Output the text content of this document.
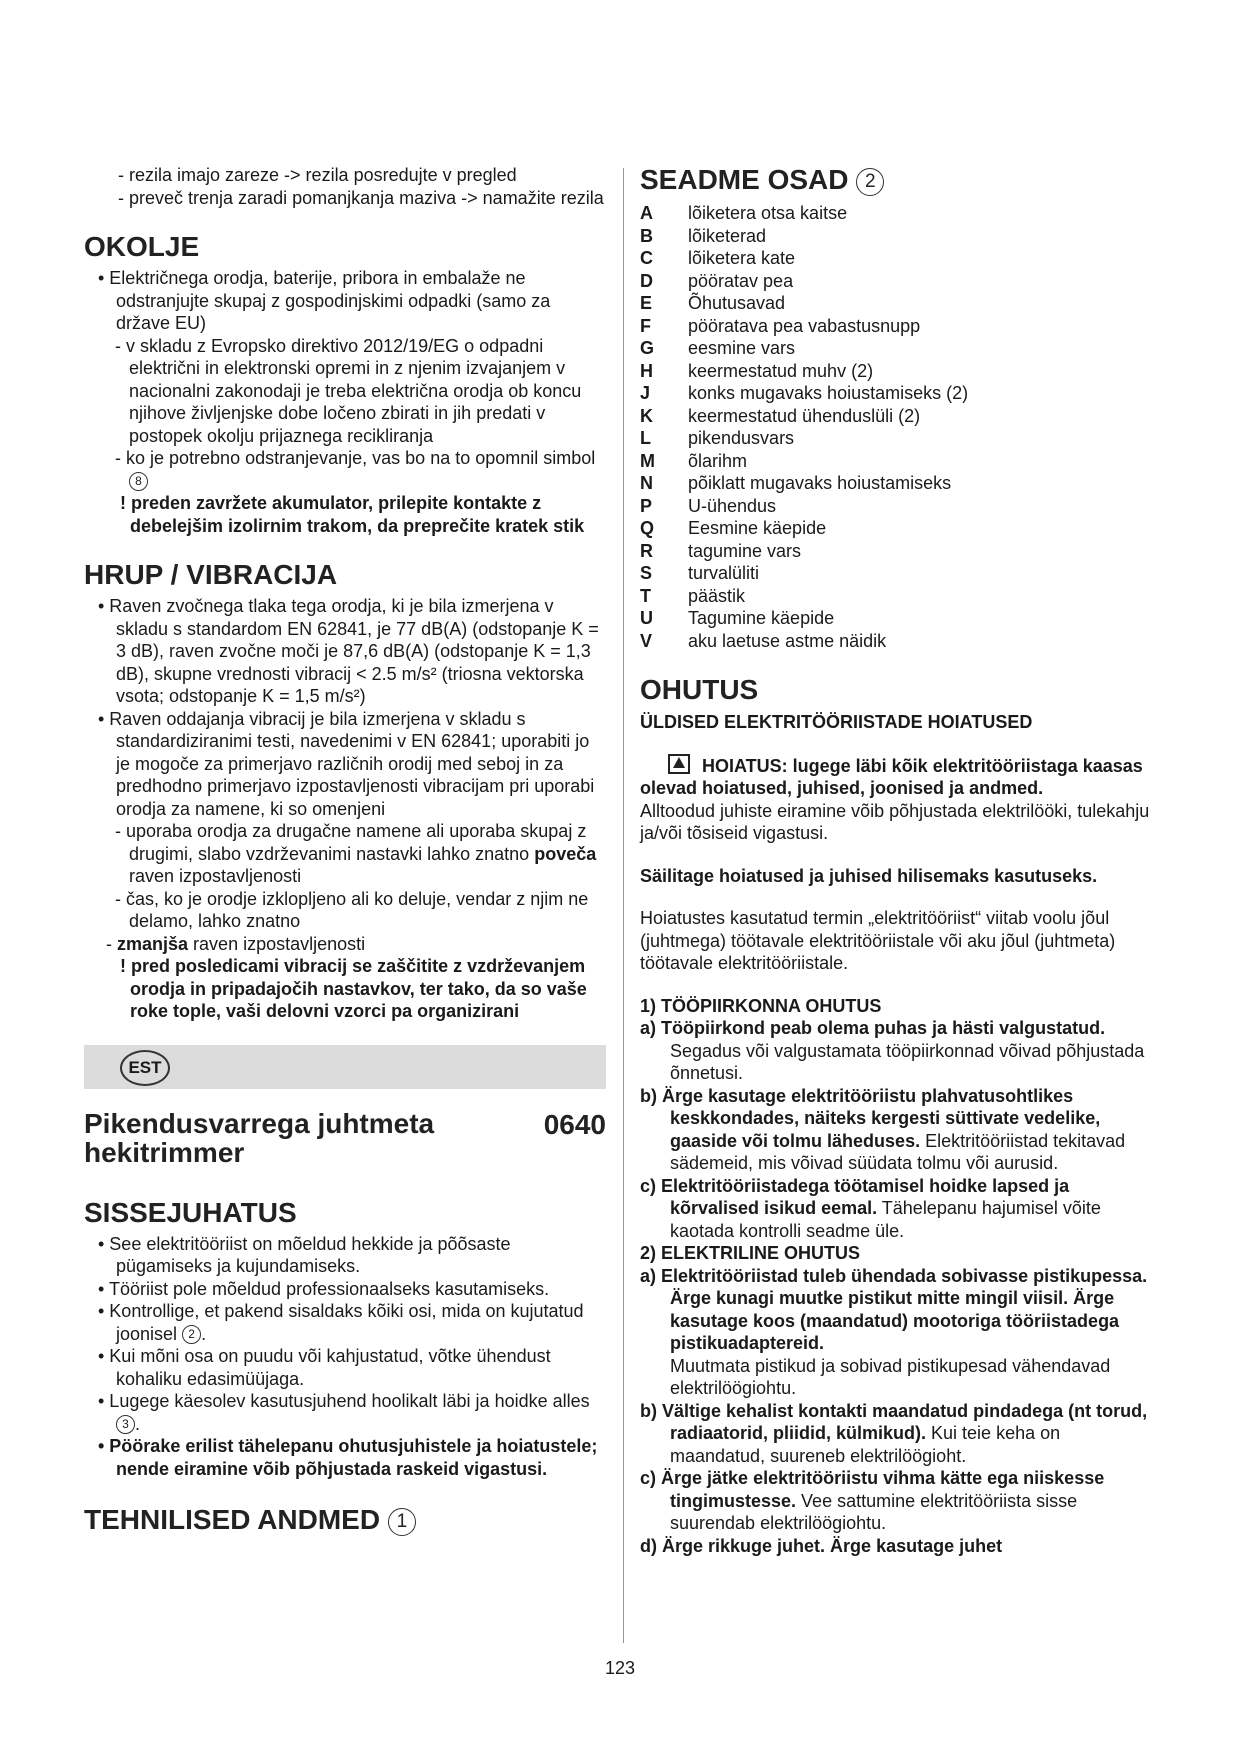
- rezila imajo zareze -> rezila posredujte v pregled

- preveč trenja zaradi pomanjkanja maziva -> namažite rezila

OKOLJE

• Električnega orodja, baterije, pribora in embalaže ne odstranjujte skupaj z gospodinjskimi odpadki (samo za države EU)

- v skladu z Evropsko direktivo 2012/19/EG o odpadni električni in elektronski opremi in z njenim izvajanjem v nacionalni zakonodaji je treba električna orodja ob koncu njihove življenjske dobe ločeno zbirati in jih predati v postopek okolju prijaznega recikliranja

- ko je potrebno odstranjevanje, vas bo na to opomnil simbol 8

! preden zavržete akumulator, prilepite kontakte z debelejšim izolirnim trakom, da preprečite kratek stik

HRUP / VIBRACIJA

• Raven zvočnega tlaka tega orodja, ki je bila izmerjena v skladu s standardom EN 62841, je 77 dB(A) (odstopanje K = 3 dB), raven zvočne moči je 87,6 dB(A) (odstopanje K = 1,3 dB), skupne vrednosti vibracij < 2.5 m/s² (triosna vektorska vsota; odstopanje K = 1,5 m/s²)

• Raven oddajanja vibracij je bila izmerjena v skladu s standardiziranimi testi, navedenimi v EN 62841; uporabiti jo je mogoče za primerjavo različnih orodij med seboj in za predhodno primerjavo izpostavljenosti vibracijam pri uporabi orodja za namene, ki so omenjeni

- uporaba orodja za drugačne namene ali uporaba skupaj z drugimi, slabo vzdrževanimi nastavki lahko znatno poveča raven izpostavljenosti

- čas, ko je orodje izklopljeno ali ko deluje, vendar z njim ne delamo, lahko znatno

- zmanjša raven izpostavljenosti

! pred posledicami vibracij se zaščitite z vzdrževanjem orodja in pripadajočih nastavkov, ter tako, da so vaše roke tople, vaši delovni vzorci pa organizirani

EST
Pikendusvarrega juhtmeta hekitrimmer
0640
SISSEJUHATUS

• See elektritööriist on mõeldud hekkide ja põõsaste pügamiseks ja kujundamiseks.

• Tööriist pole mõeldud professionaalseks kasutamiseks.

• Kontrollige, et pakend sisaldaks kõiki osi, mida on kujutatud joonisel 2 .

• Kui mõni osa on puudu või kahjustatud, võtke ühendust kohaliku edasimüüjaga.

• Lugege käesolev kasutusjuhend hoolikalt läbi ja hoidke alles 3 .

• Pöörake erilist tähelepanu ohutusjuhistele ja hoiatustele; nende eiramine võib põhjustada raskeid vigastusi.

TEHNILISED ANDMED 1
SEADME OSAD 2
A	lõiketera otsa kaitse
B	lõiketerad
C	lõiketera kate
D	pööratav pea
E	Õhutusavad
F	pööratava pea vabastusnupp
G	eesmine vars
H	keermestatud muhv (2)
J	konks mugavaks hoiustamiseks (2)
K	keermestatud ühenduslüli (2)
L	pikendusvars
M	õlarihm
N	põiklatt mugavaks hoiustamiseks
P	U-ühendus
Q	Eesmine käepide
R	tagumine vars
S	turvalüliti
T	päästik
U	Tagumine käepide
V	aku laetuse astme näidik
OHUTUS

ÜLDISED ELEKTRITÖÖRIISTADE HOIATUSED

HOIATUS: lugege läbi kõik elektritööriistaga kaasas olevad hoiatused, juhised, joonised ja andmed.

Alltoodud juhiste eiramine võib põhjustada elektrilööki, tulekahju ja/või tõsiseid vigastusi.

Säilitage hoiatused ja juhised hilisemaks kasutuseks.

Hoiatustes kasutatud termin „elektritööriist“ viitab voolu jõul (juhtmega) töötavale elektritööriistale või aku jõul (juhtmeta) töötavale elektritööriistale.

1) TÖÖPIIRKONNA OHUTUS

a) Tööpiirkond peab olema puhas ja hästi valgustatud.

Segadus või valgustamata tööpiirkonnad võivad põhjustada õnnetusi.

b) Ärge kasutage elektritööriistu plahvatusohtlikes keskkondades, näiteks kergesti süttivate vedelike, gaaside või tolmu läheduses. Elektritööriistad tekitavad sädemeid, mis võivad süüdata tolmu või aurusid.

c) Elektritööriistadega töötamisel hoidke lapsed ja kõrvalised isikud eemal. Tähelepanu hajumisel võite kaotada kontrolli seadme üle.

2) ELEKTRILINE OHUTUS

a) Elektritööriistad tuleb ühendada sobivasse pistikupessa. Ärge kunagi muutke pistikut mitte mingil viisil. Ärge kasutage koos (maandatud) mootoriga tööriistadega pistikuadaptereid.

Muutmata pistikud ja sobivad pistikupesad vähendavad elektrilöögiohtu.

b) Vältige kehalist kontakti maandatud pindadega (nt torud, radiaatorid, pliidid, külmikud). Kui teie keha on maandatud, suureneb elektrilöögioht.

c) Ärge jätke elektritööriistu vihma kätte ega niiskesse tingimustesse. Vee sattumine elektritööriista sisse suurendab elektrilöögiohtu.

d) Ärge rikkuge juhet. Ärge kasutage juhet

123
